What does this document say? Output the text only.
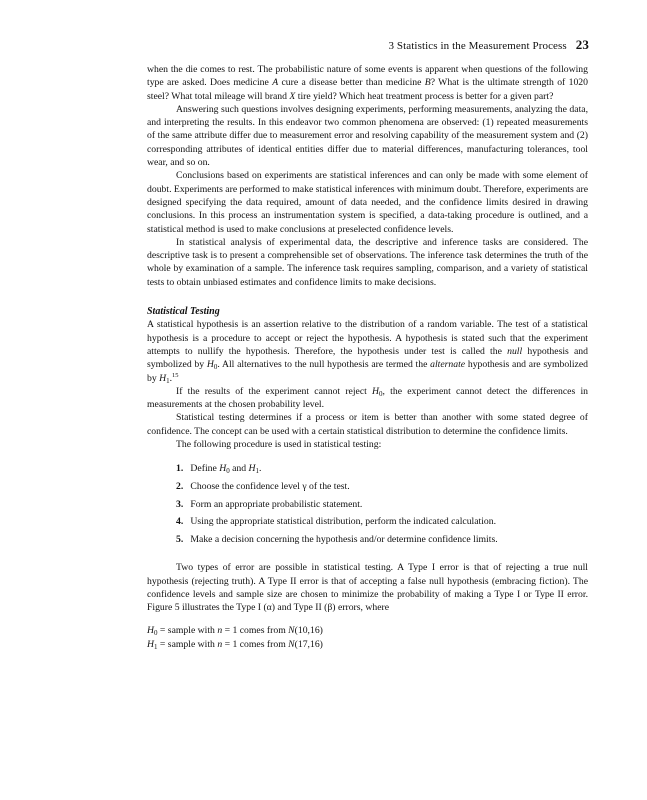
3 Statistics in the Measurement Process 23

when the die comes to rest. The probabilistic nature of some events is apparent when questions of the following type are asked. Does medicine A cure a disease better than medicine B? What is the ultimate strength of 1020 steel? What total mileage will brand X tire yield? Which heat treatment process is better for a given part?

Answering such questions involves designing experiments, performing measurements, analyzing the data, and interpreting the results. In this endeavor two common phenomena are observed: (1) repeated measurements of the same attribute differ due to measurement error and resolving capability of the measurement system and (2) corresponding attributes of identical entities differ due to material differences, manufacturing tolerances, tool wear, and so on.

Conclusions based on experiments are statistical inferences and can only be made with some element of doubt. Experiments are performed to make statistical inferences with minimum doubt. Therefore, experiments are designed specifying the data required, amount of data needed, and the confidence limits desired in drawing conclusions. In this process an instrumentation system is specified, a data-taking procedure is outlined, and a statistical method is used to make conclusions at preselected confidence levels.

In statistical analysis of experimental data, the descriptive and inference tasks are considered. The descriptive task is to present a comprehensible set of observations. The inference task determines the truth of the whole by examination of a sample. The inference task requires sampling, comparison, and a variety of statistical tests to obtain unbiased estimates and confidence limits to make decisions.

Statistical Testing

A statistical hypothesis is an assertion relative to the distribution of a random variable. The test of a statistical hypothesis is a procedure to accept or reject the hypothesis. A hypothesis is stated such that the experiment attempts to nullify the hypothesis. Therefore, the hypothesis under test is called the null hypothesis and symbolized by $H_0$. All alternatives to the null hypothesis are termed the alternate hypothesis and are symbolized by $H_1.^{15}$

If the results of the experiment cannot reject $H_0$, the experiment cannot detect the differences in measurements at the chosen probability level.

Statistical testing determines if a process or item is better than another with some stated degree of confidence. The concept can be used with a certain statistical distribution to determine the confidence limits.

The following procedure is used in statistical testing:

1. Define $H_0$ and $H_1$.
2. Choose the confidence level γ of the test.
3. Form an appropriate probabilistic statement.
4. Using the appropriate statistical distribution, perform the indicated calculation.
5. Make a decision concerning the hypothesis and/or determine confidence limits.

Two types of error are possible in statistical testing. A Type I error is that of rejecting a true null hypothesis (rejecting truth). A Type II error is that of accepting a false null hypothesis (embracing fiction). The confidence levels and sample size are chosen to minimize the probability of making a Type I or Type II error. Figure 5 illustrates the Type I (α) and Type II (β) errors, where

$H_0$ = sample with n = 1 comes from N(10,16)
$H_1$ = sample with n = 1 comes from N(17,16)
